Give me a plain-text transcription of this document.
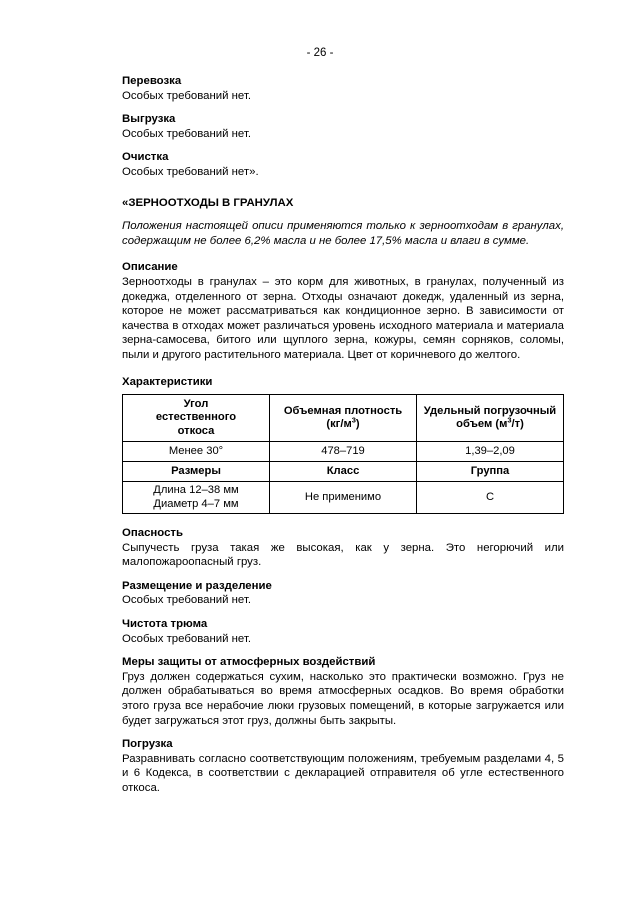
- 26 -
Перевозка

Особых требований нет.

Выгрузка

Особых требований нет.

Очистка

Особых требований нет».

«ЗЕРНООТХОДЫ В ГРАНУЛАХ

Положения настоящей описи применяются только к зерноотходам в гранулах, содержащим не более 6,2% масла и не более 17,5% масла и влаги в сумме.

Описание

Зерноотходы в гранулах – это корм для животных, в гранулах, полученный из докеджа, отделенного от зерна. Отходы означают докедж, удаленный из зерна, которое не может рассматриваться как кондиционное зерно. В зависимости от качества в отходах может различаться уровень исходного материала и материала зерна-самосева, битого или щуплого зерна, кожуры, семян сорняков, соломы, пыли и другого растительного материала. Цвет от коричневого до желтого.

Характеристики
Угол естественного откоса	Объемная плотность $(кг/м^3)$	Удельный погрузочный объем $(м^3/т)$
Менее 30°	478–719	1,39–2,09
Размеры	Класс	Группа

Длина 12–38 мм
Диаметр 4–7 мм	Не применимо	C
Опасность

Сыпучесть груза такая же высокая, как у зерна. Это негорючий или малопожароопасный груз.

Размещение и разделение

Особых требований нет.

Чистота трюма

Особых требований нет.

Меры защиты от атмосферных воздействий

Груз должен содержаться сухим, насколько это практически возможно. Груз не должен обрабатываться во время атмосферных осадков. Во время обработки этого груза все нерабочие люки грузовых помещений, в которые загружается или будет загружаться этот груз, должны быть закрыты.

Погрузка

Разравнивать согласно соответствующим положениям, требуемым разделами 4, 5 и 6 Кодекса, в соответствии с декларацией отправителя об угле естественного откоса.
